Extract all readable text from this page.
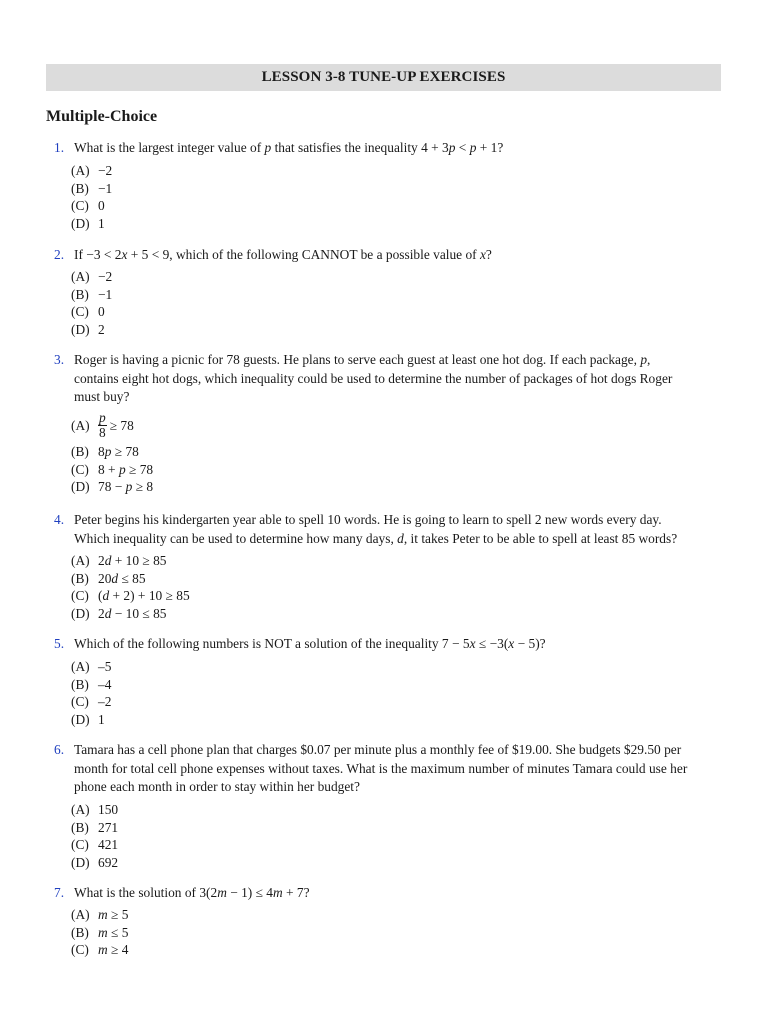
LESSON 3-8 TUNE-UP EXERCISES
Multiple-Choice
1. What is the largest integer value of p that satisfies the inequality 4 + 3p < p + 1?
(A) −2
(B) −1
(C) 0
(D) 1
2. If −3 < 2x + 5 < 9, which of the following CANNOT be a possible value of x?
(A) −2
(B) −1
(C) 0
(D) 2
3. Roger is having a picnic for 78 guests. He plans to serve each guest at least one hot dog. If each package, p,
contains eight hot dogs, which inequality could be used to determine the number of packages of hot dogs Roger
must buy?
$(A) \frac{p}{8} \ge 78$
(B) 8p ≥ 78
(C) 8 + p ≥ 78
(D) 78 − p ≥ 8
4. Peter begins his kindergarten year able to spell 10 words. He is going to learn to spell 2 new words every day.
Which inequality can be used to determine how many days, d, it takes Peter to be able to spell at least 85 words?
(A) 2d + 10 ≥ 85
(B) 20d ≤ 85
(C) (d + 2) + 10 ≥ 85
(D) 2d − 10 ≤ 85
5. Which of the following numbers is NOT a solution of the inequality 7 − 5x ≤ −3(x − 5)?
(A) –5
(B) –4
(C) –2
(D) 1
6. Tamara has a cell phone plan that charges $0.07 per minute plus a monthly fee of $19.00. She budgets $29.50 per
month for total cell phone expenses without taxes. What is the maximum number of minutes Tamara could use her
phone each month in order to stay within her budget?
(A) 150
(B) 271
(C) 421
(D) 692
7. What is the solution of 3(2m − 1) ≤ 4m + 7?
(A) m ≥ 5
(B) m ≤ 5
(C) m ≥ 4
